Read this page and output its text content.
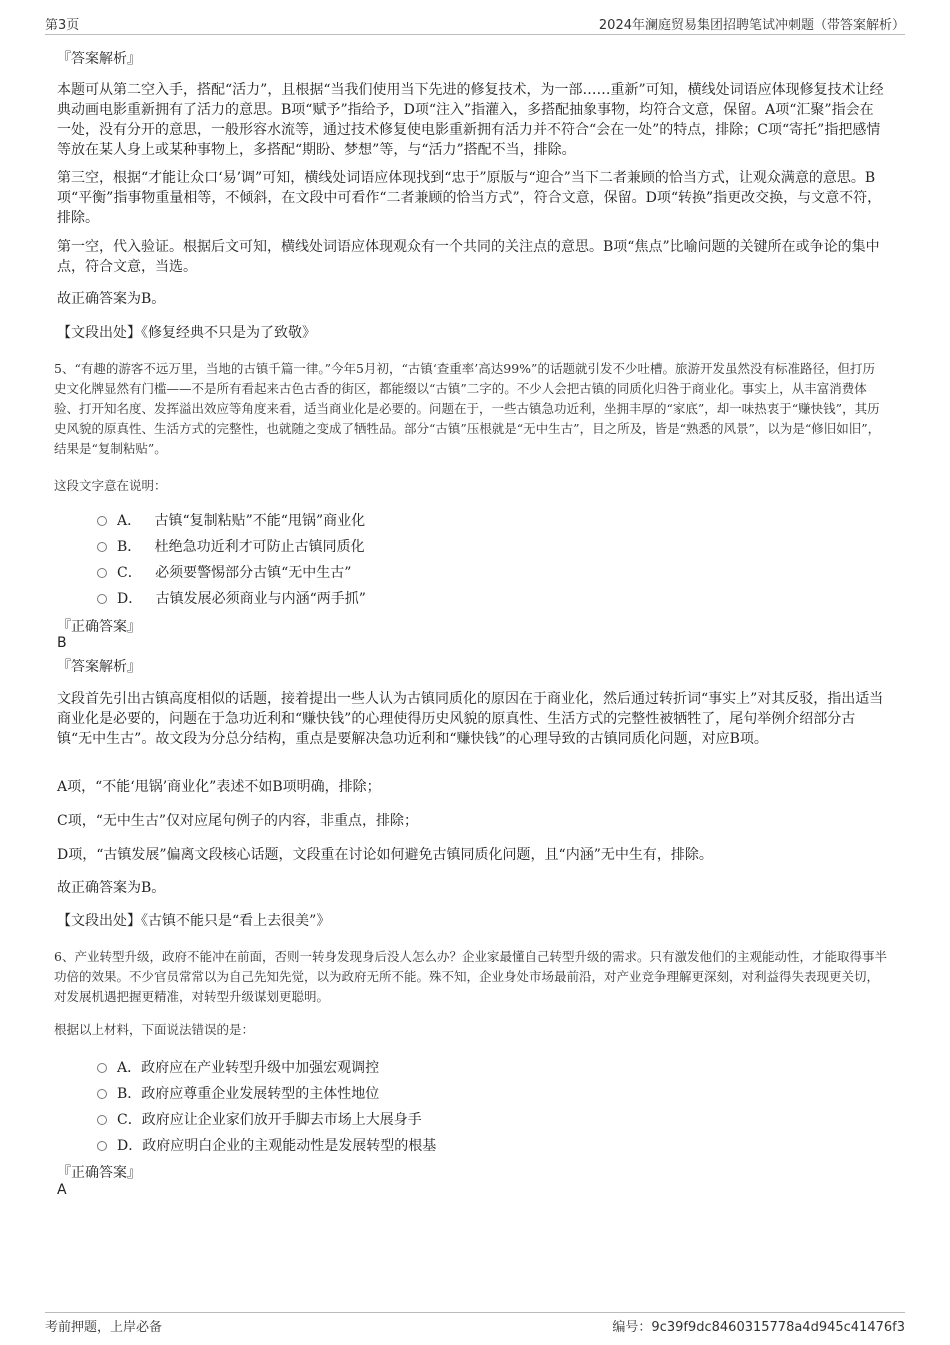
第3页	2024年澜庭贸易集团招聘笔试冲刺题（带答案解析）
『答案解析』

本题可从第二空入手，搭配“活力”，且根据“当我们使用当下先进的修复技术，为一部……重新”可知，横线处词语应体现修复技术让经典动画电影重新拥有了活力的意思。B项“赋予”指给予，D项“注入”指灌入，多搭配抽象事物，均符合文意，保留。A项“汇聚”指会在一处，没有分开的意思，一般形容水流等，通过技术修复使电影重新拥有活力并不符合“会在一处”的特点，排除；C项“寄托”指把感情等放在某人身上或某种事物上，多搭配“期盼、梦想”等，与“活力”搭配不当，排除。

第三空，根据“才能让众口‘易’调”可知，横线处词语应体现找到“忠于”原版与“迎合”当下二者兼顾的恰当方式，让观众满意的意思。B项“平衡”指事物重量相等，不倾斜，在文段中可看作“二者兼顾的恰当方式”，符合文意，保留。D项“转换”指更改交换，与文意不符，排除。

第一空，代入验证。根据后文可知，横线处词语应体现观众有一个共同的关注点的意思。B项“焦点”比喻问题的关键所在或争论的集中点，符合文意，当选。

故正确答案为B。
【文段出处】《修复经典不只是为了致敬》

5、“有趣的游客不远万里，当地的古镇千篇一律。”今年5月初，“古镇‘查重率’高达99%”的话题就引发不少吐槽。旅游开发虽然没有标准路径，但打历史文化牌显然有门槛——不是所有看起来古色古香的街区，都能缀以“古镇”二字的。不少人会把古镇的同质化归咎于商业化。事实上，从丰富消费体验、打开知名度、发挥溢出效应等角度来看，适当商业化是必要的。问题在于，一些古镇急功近利，坐拥丰厚的“家底”，却一味热衷于“赚快钱”，其历史风貌的原真性、生活方式的完整性，也就随之变成了牺牲品。部分“古镇”压根就是“无中生古”，目之所及，皆是“熟悉的风景”，以为是“修旧如旧”，结果是“复制粘贴”。

这段文字意在说明：
A． 古镇“复制粘贴”不能“甩锅”商业化
B． 杜绝急功近利才可防止古镇同质化
C． 必须要警惕部分古镇“无中生古”
D． 古镇发展必须商业与内涵“两手抓”
『正确答案』
B
『答案解析』

文段首先引出古镇高度相似的话题，接着提出一些人认为古镇同质化的原因在于商业化，然后通过转折词“事实上”对其反驳，指出适当商业化是必要的，问题在于急功近利和“赚快钱”的心理使得历史风貌的原真性、生活方式的完整性被牺牲了，尾句举例介绍部分古镇“无中生古”。故文段为分总分结构，重点是要解决急功近利和“赚快钱”的心理导致的古镇同质化问题，对应B项。

A项，“不能‘甩锅’商业化”表述不如B项明确，排除；
C项，“无中生古”仅对应尾句例子的内容，非重点，排除；
D项，“古镇发展”偏离文段核心话题，文段重在讨论如何避免古镇同质化问题，且“内涵”无中生有，排除。
故正确答案为B。
【文段出处】《古镇不能只是“看上去很美”》

6、产业转型升级，政府不能冲在前面，否则一转身发现身后没人怎么办？企业家最懂自己转型升级的需求。只有激发他们的主观能动性，才能取得事半功倍的效果。不少官员常常以为自己先知先觉，以为政府无所不能。殊不知，企业身处市场最前沿，对产业竞争理解更深刻，对利益得失表现更关切，对发展机遇把握更精准，对转型升级谋划更聪明。

根据以上材料，下面说法错误的是：
A．政府应在产业转型升级中加强宏观调控
B．政府应尊重企业发展转型的主体性地位
C．政府应让企业家们放开手脚去市场上大展身手
D．政府应明白企业的主观能动性是发展转型的根基
『正确答案』
A
考前押题，上岸必备	编号：9c39f9dc8460315778a4d945c41476f3
